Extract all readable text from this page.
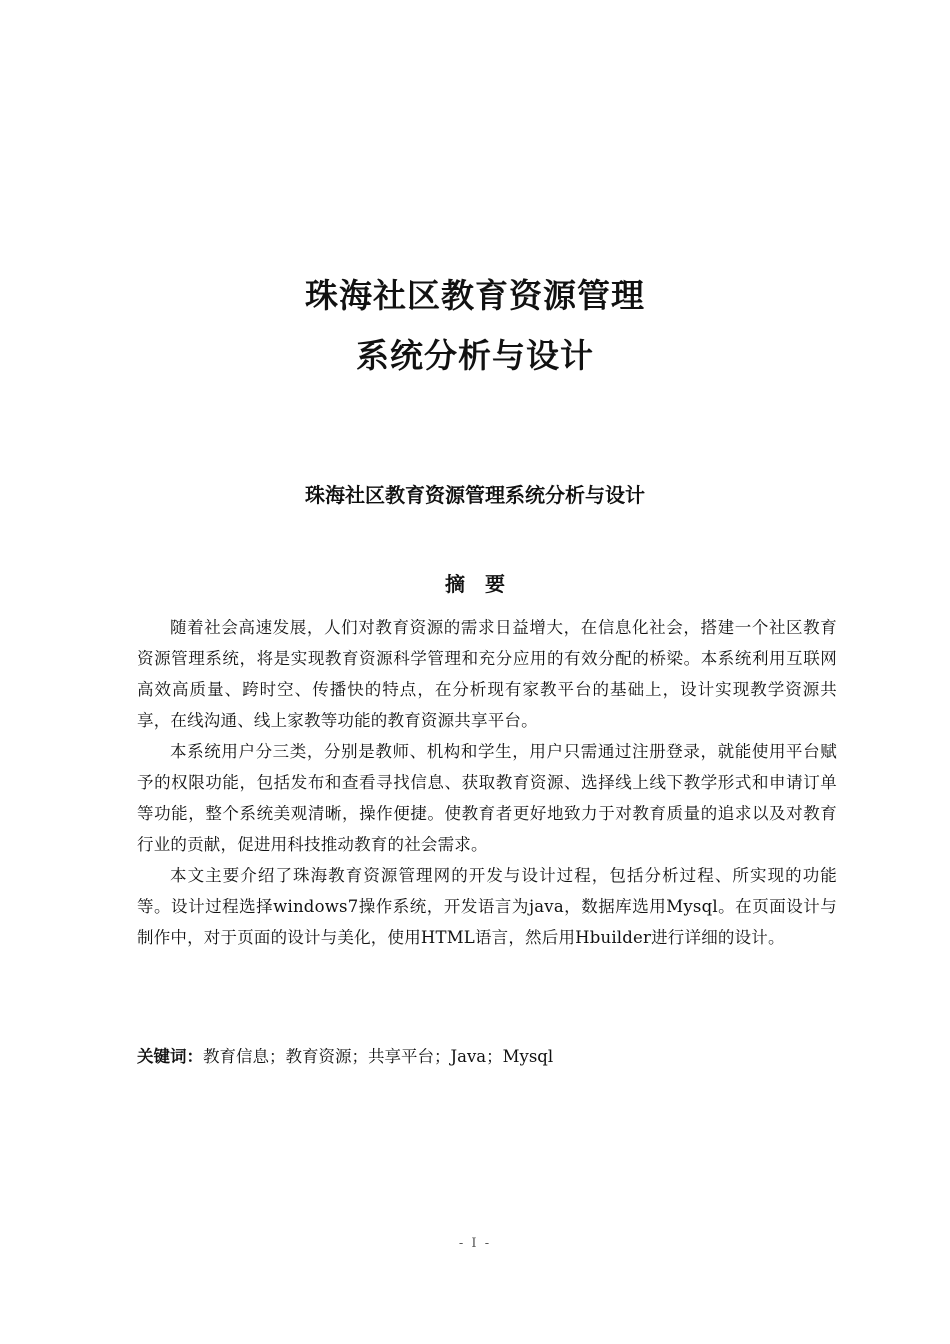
珠海社区教育资源管理
系统分析与设计
珠海社区教育资源管理系统分析与设计
摘要

随着社会高速发展，人们对教育资源的需求日益增大，在信息化社会，搭建一个社区教育资源管理系统，将是实现教育资源科学管理和充分应用的有效分配的桥梁。本系统利用互联网高效高质量、跨时空、传播快的特点，在分析现有家教平台的基础上，设计实现教学资源共享，在线沟通、线上家教等功能的教育资源共享平台。

本系统用户分三类，分别是教师、机构和学生，用户只需通过注册登录，就能使用平台赋予的权限功能，包括发布和查看寻找信息、获取教育资源、选择线上线下教学形式和申请订单等功能，整个系统美观清晰，操作便捷。使教育者更好地致力于对教育质量的追求以及对教育行业的贡献，促进用科技推动教育的社会需求。

本文主要介绍了珠海教育资源管理网的开发与设计过程，包括分析过程、所实现的功能等。设计过程选择windows7操作系统，开发语言为java，数据库选用Mysql。在页面设计与制作中，对于页面的设计与美化，使用HTML语言，然后用Hbuilder进行详细的设计。

关键词：教育信息；教育资源；共享平台；Java；Mysql
- I -
